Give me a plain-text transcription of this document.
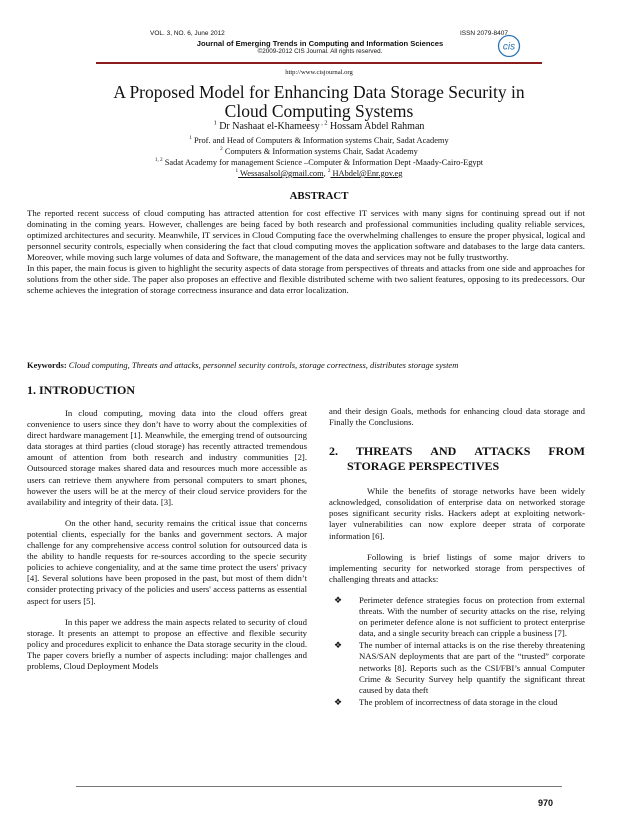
VOL. 3, NO. 6, June 2012	ISSN 2079-8407
Journal of Emerging Trends in Computing and Information Sciences
©2009-2012 CIS Journal. All rights reserved.	cis
http://www.cisjournal.org
A Proposed Model for Enhancing Data Storage Security in
Cloud Computing Systems
$^1$ Dr Nashaat el-Khameesy , $^2$ Hossam Abdel Rahman
$^1$ Prof. and Head of Computers & Information systems Chair, Sadat Academy
$^2$ Computers & Information systems Chair, Sadat Academy
$^{1, 2}$ Sadat Academy for management Science –Computer & Information Dept -Maady-Cairo-Egypt
$^1$ Wessasalsol@gmail.com, $^2$ HAbdel@Enr.gov.eg
ABSTRACT

The reported recent success of cloud computing has attracted attention for cost effective IT services with many signs for continuing spread out if not dominating in the coming years. However, challenges are being faced by both research and professional communities including quality reliable services, optimized architectures and security. Meanwhile, IT services in Cloud Computing face the overwhelming challenges to ensure the proper physical, logical and personnel security controls, especially when considering the fact that cloud computing moves the application software and databases to the large data canters. Moreover, while moving such large volumes of data and Software, the management of the data and services may not be fully trustworthy.

In this paper, the main focus is given to highlight the security aspects of data storage from perspectives of threats and attacks from one side and approaches for solutions from the other side. The paper also proposes an effective and flexible distributed scheme with two salient features, opposing to its predecessors. Our scheme achieves the integration of storage correctness insurance and data error localization.

Keywords: Cloud computing, Threats and attacks, personnel security controls, storage correctness, distributes storage system
1. INTRODUCTION

In cloud computing, moving data into the cloud offers great convenience to users since they don’t have to worry about the complexities of direct hardware management [1]. Meanwhile, the emerging trend of outsourcing data storages at third parties (cloud storage) has recently attracted tremendous amount of attention from both research and industry communities [2]. Outsourced storage makes shared data and resources much more accessible as users can retrieve them anywhere from personal computers to smart phones, however the users will be at the mercy of their cloud service providers for the availability and integrity of their data. [3].

On the other hand, security remains the critical issue that concerns potential clients, especially for the banks and government sectors. A major challenge for any comprehensive access control solution for outsourced data is the ability to handle requests for re-sources according to the specie security policies to achieve congeniality, and at the same time protect the users' privacy [4]. Several solutions have been proposed in the past, but most of them didn’t consider protecting privacy of the policies and users' access patterns as essential aspect for users [5].

In this paper we address the main aspects related to security of cloud storage. It presents an attempt to propose an effective and flexible security policy and procedures explicit to enhance the Data storage security in the cloud. The paper covers briefly a number of aspects including: major challenges and problems, Cloud Deployment Models

and their design Goals, methods for enhancing cloud data storage and Finally the Conclusions.

2. THREATS AND ATTACKS FROM
STORAGE PERSPECTIVES

While the benefits of storage networks have been widely acknowledged, consolidation of enterprise data on networked storage poses significant security risks. Hackers adept at exploiting network-layer vulnerabilities can now explore deeper strata of corporate information [6].

Following is brief listings of some major drivers to implementing security for networked storage from perspectives of challenging threats and attacks:

❖ Perimeter defence strategies focus on protection from external threats. With the number of security attacks on the rise, relying on perimeter defence alone is not sufficient to protect enterprise data, and a single security breach can cripple a business [7].
❖ The number of internal attacks is on the rise thereby threatening NAS/SAN deployments that are part of the “trusted” corporate networks [8]. Reports such as the CSI/FBI’s annual Computer Crime & Security Survey help quantify the significant threat caused by data theft
❖ The problem of incorrectness of data storage in the cloud
970
